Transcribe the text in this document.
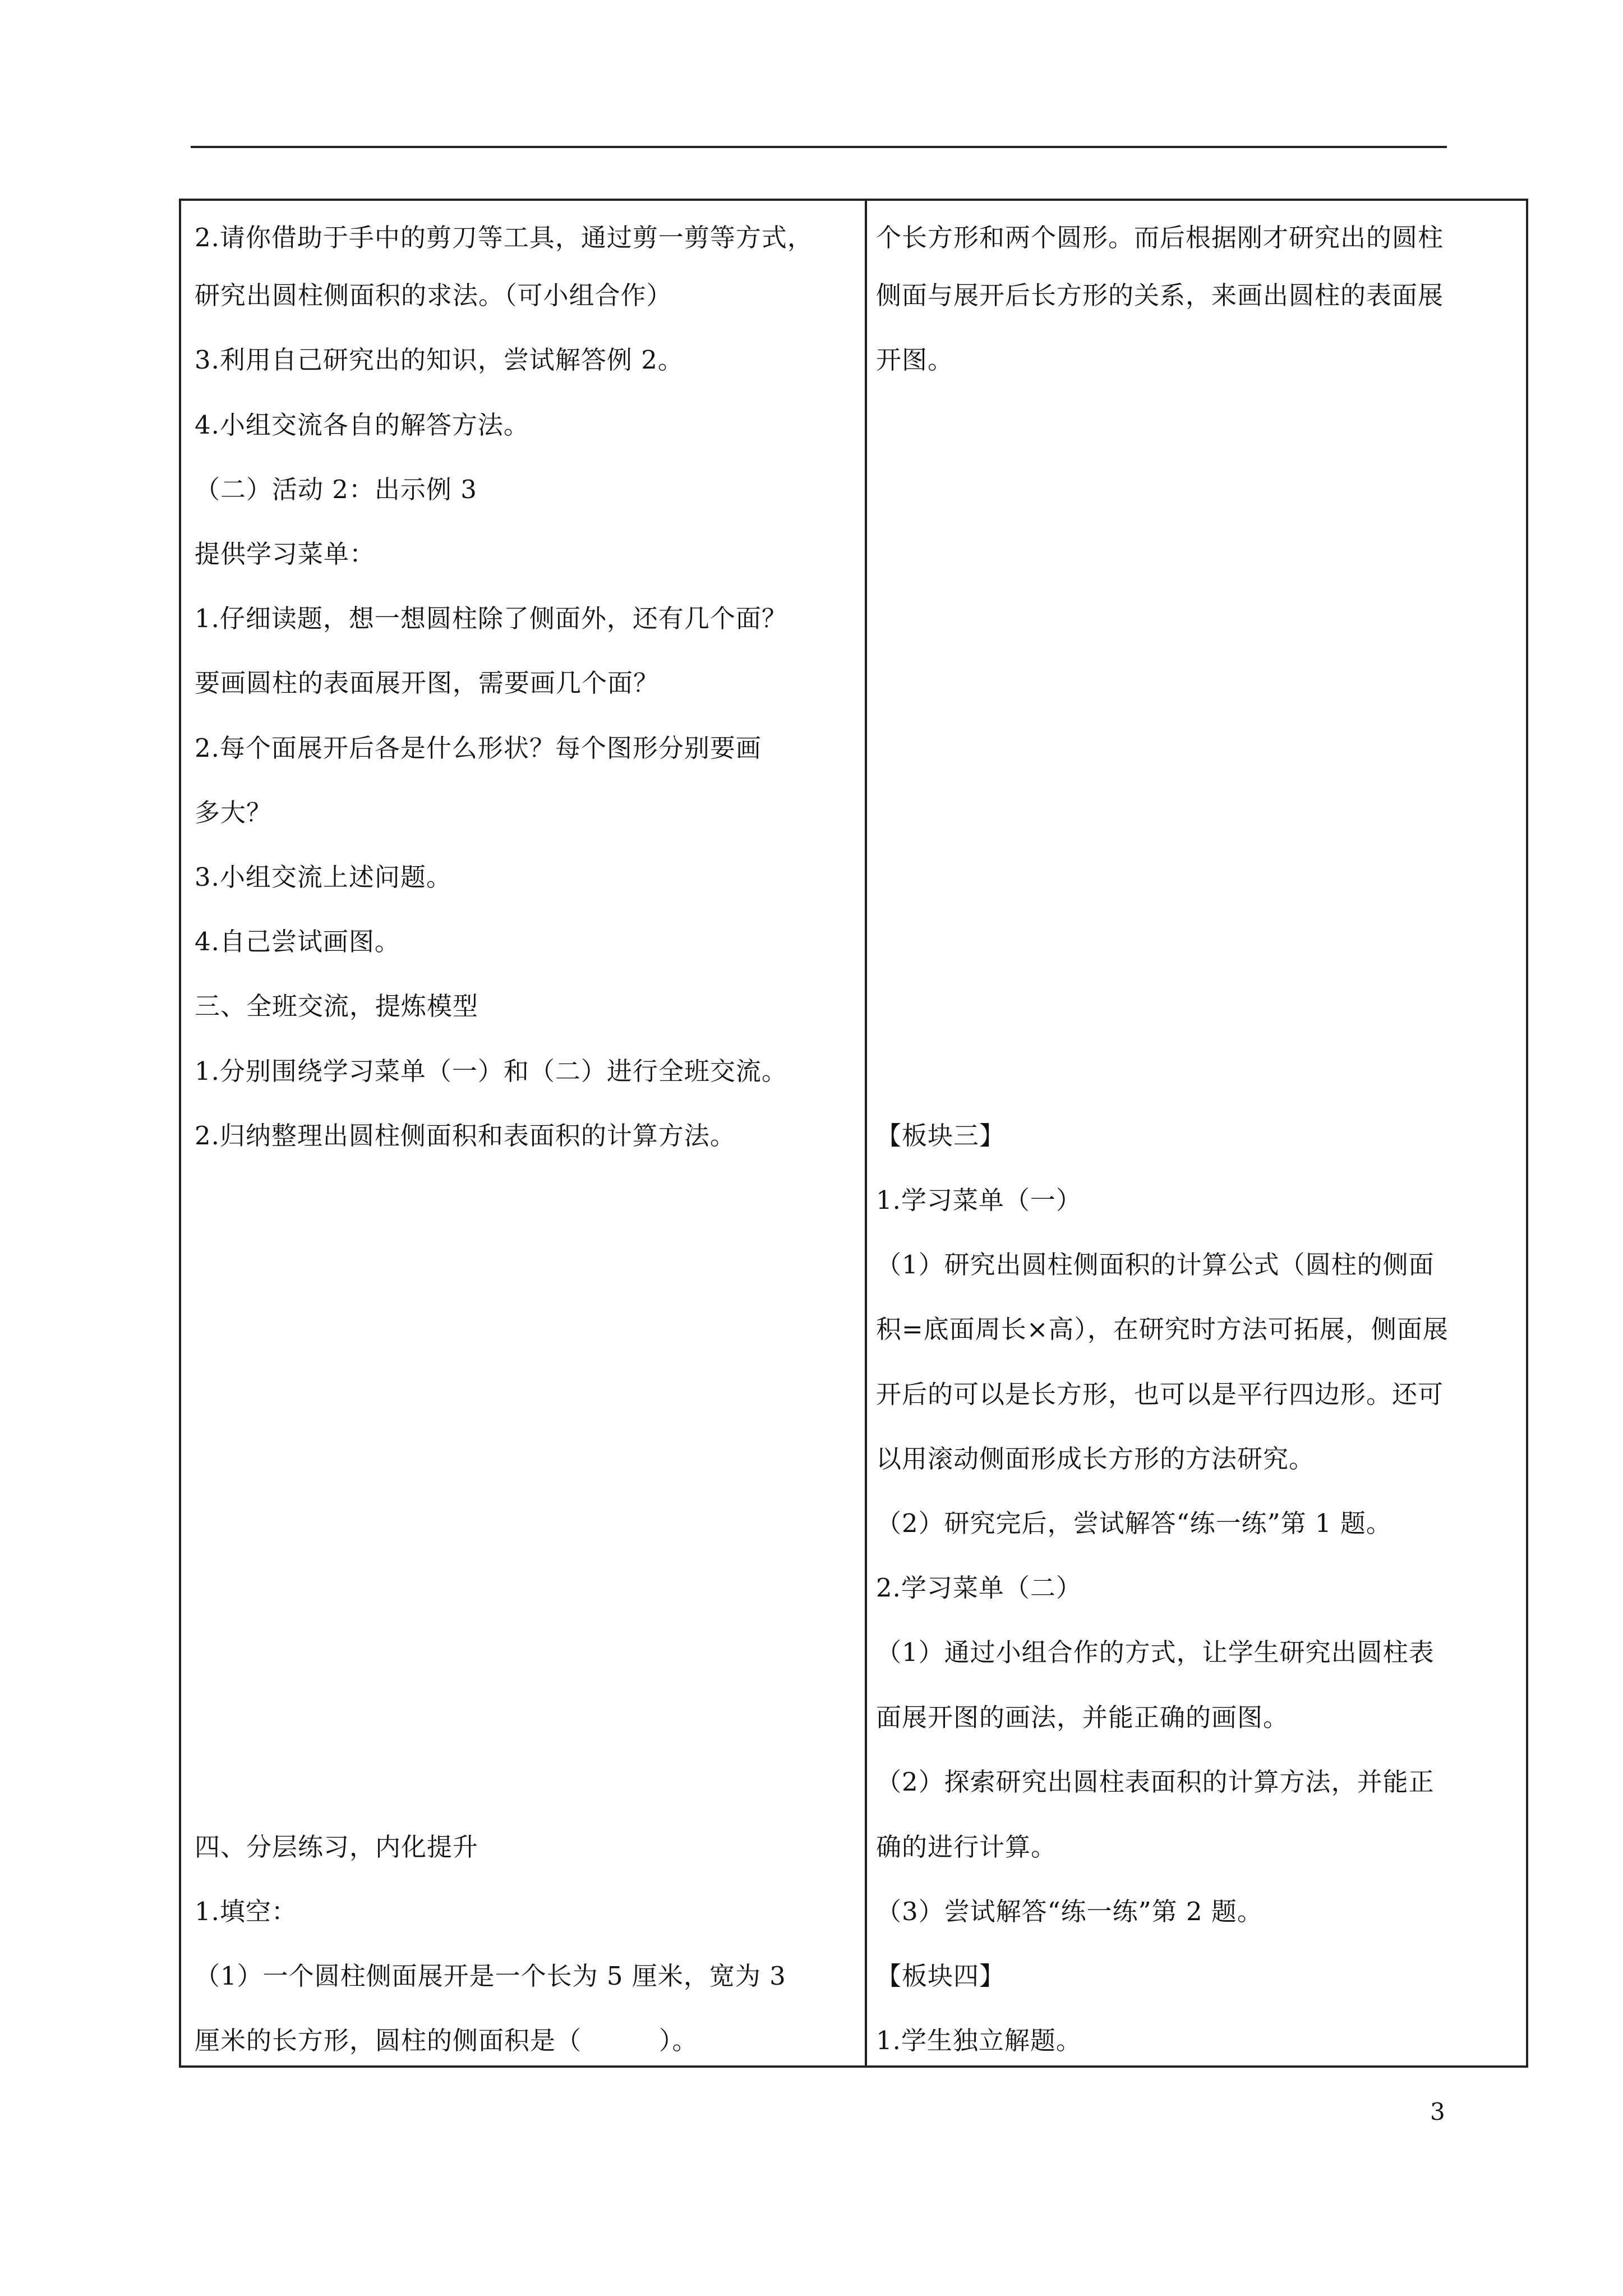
2.请你借助于手中的剪刀等工具，通过剪一剪等方式，
研究出圆柱侧面积的求法。（可小组合作）
3.利用自己研究出的知识，尝试解答例 2。
4.小组交流各自的解答方法。
（二）活动 2：出示例 3
提供学习菜单：
1.仔细读题，想一想圆柱除了侧面外，还有几个面？
要画圆柱的表面展开图，需要画几个面？
2.每个面展开后各是什么形状？每个图形分别要画
多大？
3.小组交流上述问题。
4.自己尝试画图。
三、全班交流，提炼模型
1.分别围绕学习菜单（一）和（二）进行全班交流。
2.归纳整理出圆柱侧面积和表面积的计算方法。
四、分层练习，内化提升
1.填空：
（1）一个圆柱侧面展开是一个长为 5 厘米，宽为 3
厘米的长方形，圆柱的侧面积是（　　　）。
个长方形和两个圆形。而后根据刚才研究出的圆柱
侧面与展开后长方形的关系，来画出圆柱的表面展
开图。
【板块三】
1.学习菜单（一）
（1）研究出圆柱侧面积的计算公式（圆柱的侧面
积=底面周长×高），在研究时方法可拓展，侧面展
开后的可以是长方形，也可以是平行四边形。还可
以用滚动侧面形成长方形的方法研究。
（2）研究完后，尝试解答“练一练”第 1 题。
2.学习菜单（二）
（1）通过小组合作的方式，让学生研究出圆柱表
面展开图的画法，并能正确的画图。
（2）探索研究出圆柱表面积的计算方法，并能正
确的进行计算。
（3）尝试解答“练一练”第 2 题。
【板块四】
1.学生独立解题。
3
